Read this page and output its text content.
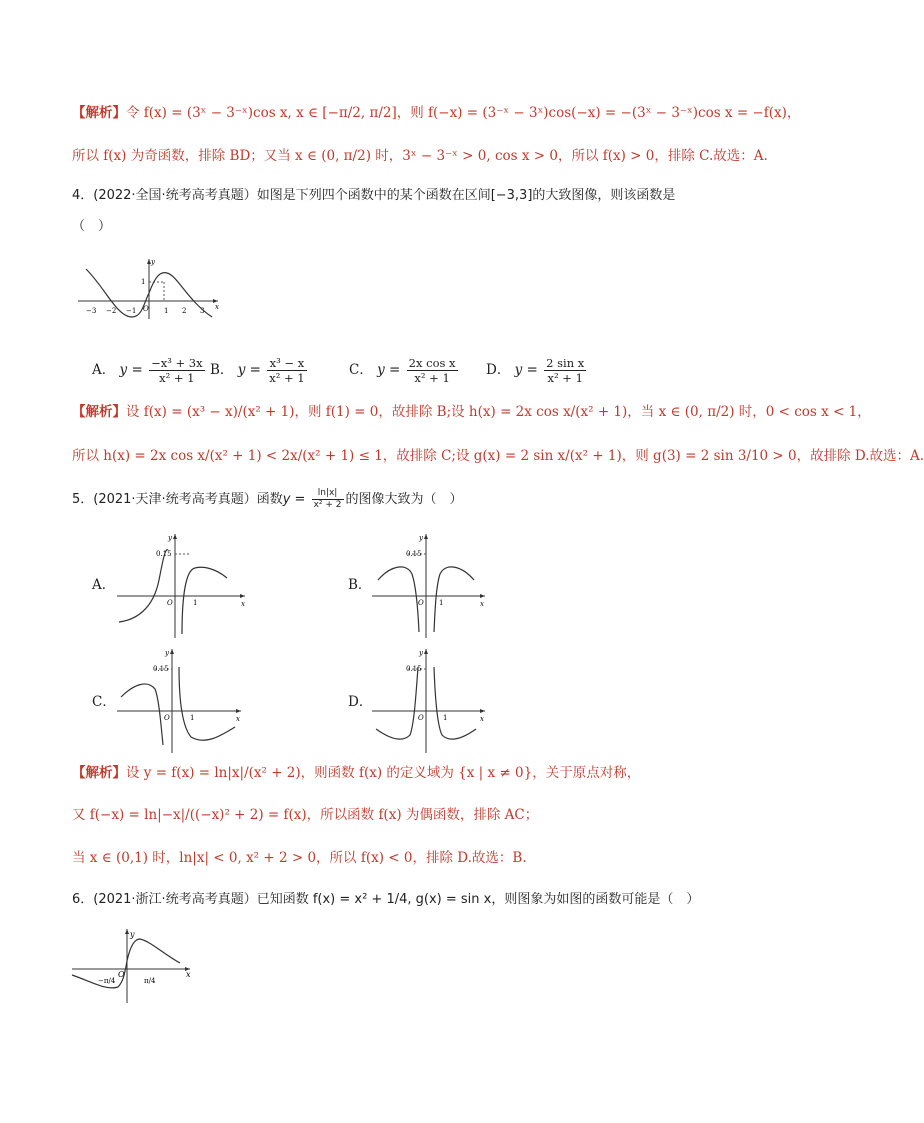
【解析】令 f(x) = (3ˣ − 3⁻ˣ)cos x, x ∈ [−π/2, π/2]，则 f(−x) = (3⁻ˣ − 3ˣ)cos(−x) = −(3ˣ − 3⁻ˣ)cos x = −f(x)，
所以 f(x) 为奇函数，排除 BD；又当 x ∈ (0, π/2) 时，3ˣ − 3⁻ˣ > 0, cos x > 0，所以 f(x) > 0，排除 C.故选：A.
4．(2022·全国·统考高考真题）如图是下列四个函数中的某个函数在区间[−3,3]的大致图像，则该函数是
（　）
−3 −2 −1 O 1 2 3
1
x
y
A． $y = \frac{\text{−x³ + 3x}}{\text{x² + 1}}$ B． $y = \frac{\text{x³ − x}}{\text{x² + 1}}$	C． $y = \frac{\text{2x cos x}}{\text{x² + 1}}$ D． $y = \frac{\text{2 sin x}}{\text{x² + 1}}$
【解析】设 f(x) = (x³ − x)/(x² + 1)，则 f(1) = 0，故排除 B;设 h(x) = 2x cos x/(x² + 1)，当 x ∈ (0, π/2) 时，0 < cos x < 1，
所以 h(x) = 2x cos x/(x² + 1) < 2x/(x² + 1) ≤ 1，故排除 C;设 g(x) = 2 sin x/(x² + 1)，则 g(3) = 2 sin 3/10 > 0，故排除 D.故选：A.
5．(2021·天津·统考高考真题）函数$y = \frac{\ln|x|}{\text{x² + 2}}$ 的图像大致为（　）
A．	B．
C．	D．
0.15
y
x
O	1
0.15
y
x
O 1
0.15
y
x
O	1
0.15
y
x
O	1
【解析】设 y = f(x) = ln|x|/(x² + 2)，则函数 f(x) 的定义域为 {x | x ≠ 0}，关于原点对称，
又 f(−x) = ln|−x|/((−x)² + 2) = f(x)，所以函数 f(x) 为偶函数，排除 AC；
当 x ∈ (0,1) 时，ln|x| < 0, x² + 2 > 0，所以 f(x) < 0，排除 D.故选：B.
6．(2021·浙江·统考高考真题）已知函数 f(x) = x² + 1/4, g(x) = sin x，则图象为如图的函数可能是（　）
y
x
O
−π/4	π/4
